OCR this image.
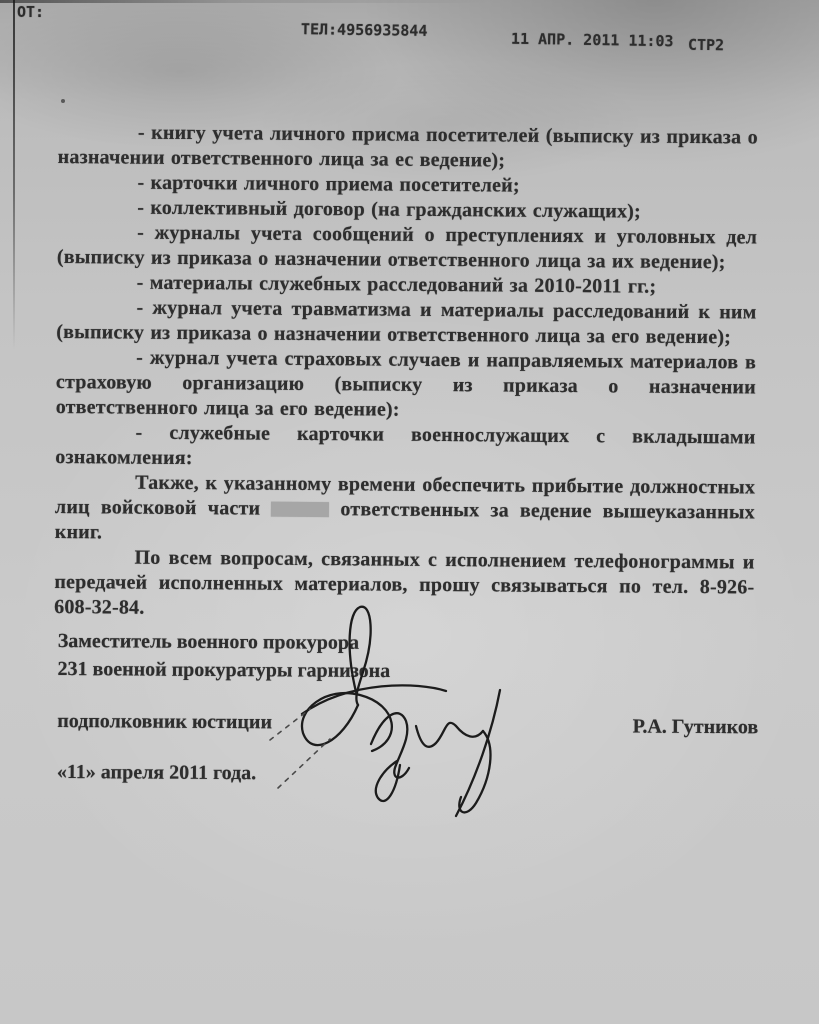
ОТ:
ТЕЛ:4956935844	11 АПР. 2011 11:03 СТР2

- книгу учета личного присма посетителей (выписку из приказа о назначении ответственного лица за ес ведение);

- карточки личного приема посетителей;

- коллективный договор (на гражданских служащих);

- журналы учета сообщений о преступлениях и уголовных дел (выписку из приказа о назначении ответственного лица за их ведение);

- материалы служебных расследований за 2010-2011 гг.;

- журнал учета травматизма и материалы расследований к ним (выписку из приказа о назначении ответственного лица за его ведение);

- журнал учета страховых случаев и направляемых материалов в страховую организацию (выписку из приказа о назначении ответственного лица за его ведение):

- служебные карточки военнослужащих с вкладышами ознакомления:

Также, к указанному времени обеспечить прибытие должностных лиц войсковой части	ответственных за ведение вышеуказанных книг.

По всем вопросам, связанных с исполнением телефонограммы и передачей исполненных материалов, прошу связываться по тел. 8-926-608-32-84.

Заместитель военного прокурора
231 военной прокуратуры гарнизона
подполковник юстиции	Р.А. Гутников
«11» апреля 2011 года.
